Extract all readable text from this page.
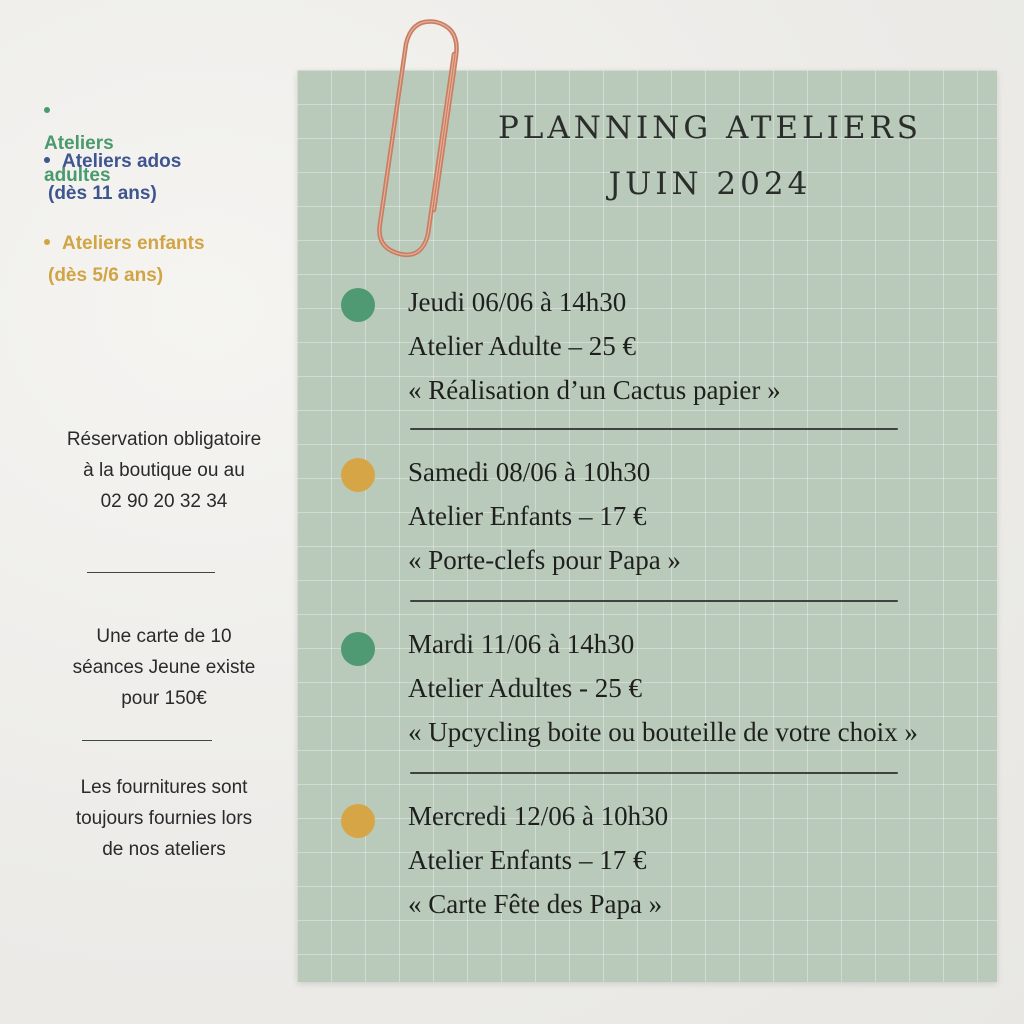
Ateliers adultes
Ateliers ados
(dès 11 ans)
Ateliers enfants
(dès 5/6 ans)
Réservation obligatoire
à la boutique ou au
02 90 20 32 34
Une carte de 10
séances Jeune existe
pour 150€
Les fournitures sont
toujours fournies lors
de nos ateliers
PLANNING ATELIERS
JUIN 2024
Jeudi 06/06 à 14h30
Atelier Adulte – 25 €
« Réalisation d’un Cactus papier »
Samedi 08/06 à 10h30
Atelier Enfants – 17 €
« Porte-clefs pour Papa »
Mardi 11/06 à 14h30
Atelier Adultes - 25 €
« Upcycling boite ou bouteille de votre choix »
Mercredi 12/06 à 10h30
Atelier Enfants – 17 €
« Carte Fête des Papa »
